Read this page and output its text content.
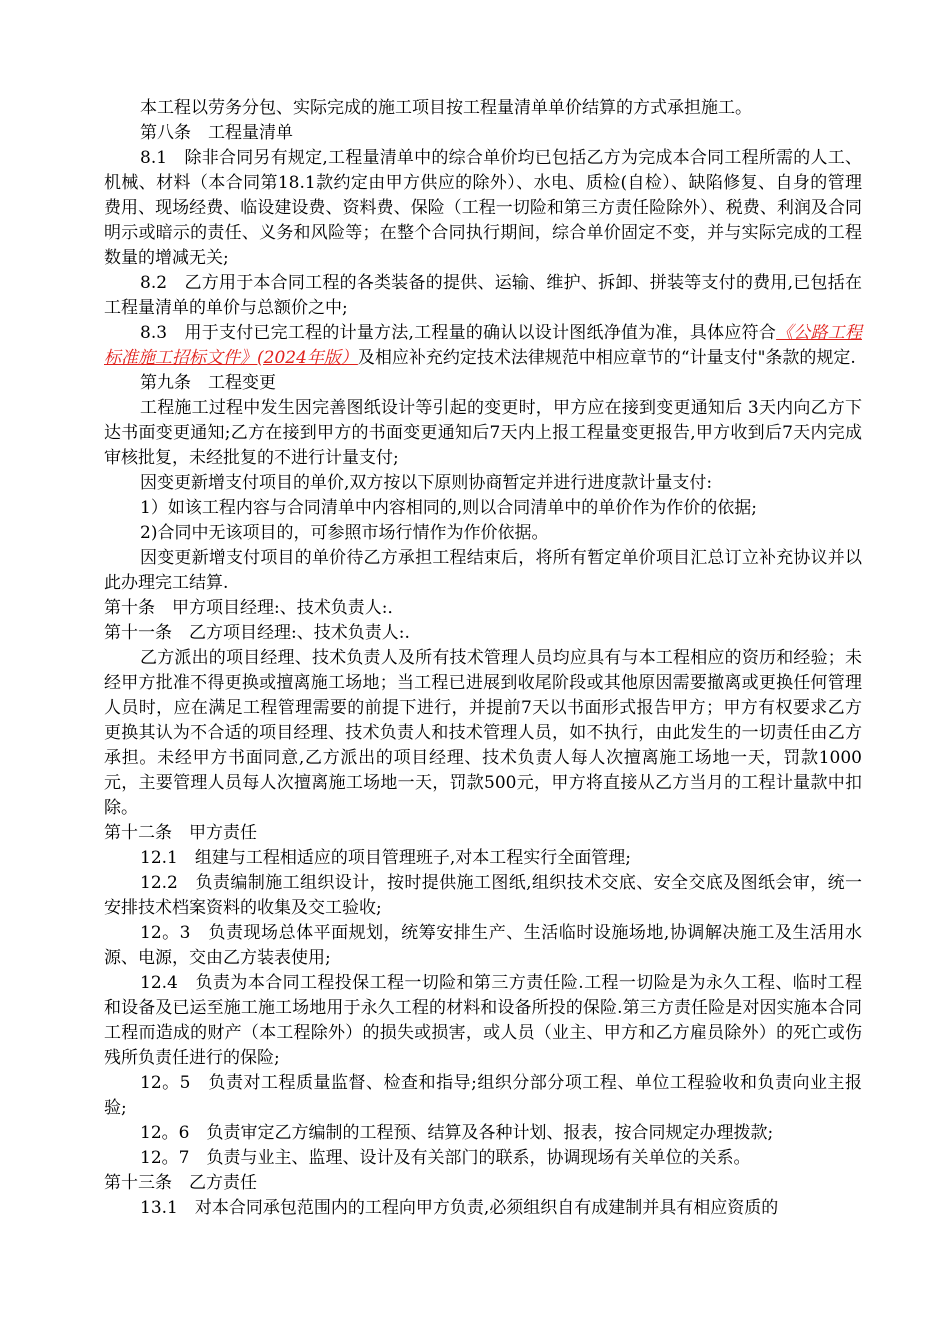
本工程以劳务分包、实际完成的施工项目按工程量清单单价结算的方式承担施工。

第八条　工程量清单

8.1　除非合同另有规定,工程量清单中的综合单价均已包括乙方为完成本合同工程所需的人工、机械、材料（本合同第18.1款约定由甲方供应的除外）、水电、质检(自检）、缺陷修复、自身的管理费用、现场经费、临设建设费、资料费、保险（工程一切险和第三方责任险除外）、税费、利润及合同明示或暗示的责任、义务和风险等；在整个合同执行期间，综合单价固定不变，并与实际完成的工程数量的增减无关;

8.2　乙方用于本合同工程的各类装备的提供、运输、维护、拆卸、拼装等支付的费用,已包括在工程量清单的单价与总额价之中;

8.3　用于支付已完工程的计量方法,工程量的确认以设计图纸净值为准，具体应符合《公路工程标准施工招标文件》(2024年版）及相应补充约定技术法律规范中相应章节的“计量支付"条款的规定.

第九条　工程变更

工程施工过程中发生因完善图纸设计等引起的变更时，甲方应在接到变更通知后 3天内向乙方下达书面变更通知;乙方在接到甲方的书面变更通知后7天内上报工程量变更报告,甲方收到后7天内完成审核批复，未经批复的不进行计量支付;

因变更新增支付项目的单价,双方按以下原则协商暂定并进行进度款计量支付:

1）如该工程内容与合同清单中内容相同的,则以合同清单中的单价作为作价的依据;

2)合同中无该项目的，可参照市场行情作为作价依据。

因变更新增支付项目的单价待乙方承担工程结束后，将所有暂定单价项目汇总订立补充协议并以此办理完工结算.

第十条　甲方项目经理:、技术负责人:．

第十一条　乙方项目经理:、技术负责人:.

乙方派出的项目经理、技术负责人及所有技术管理人员均应具有与本工程相应的资历和经验；未经甲方批准不得更换或擅离施工场地；当工程已进展到收尾阶段或其他原因需要撤离或更换任何管理人员时，应在满足工程管理需要的前提下进行，并提前7天以书面形式报告甲方；甲方有权要求乙方更换其认为不合适的项目经理、技术负责人和技术管理人员，如不执行，由此发生的一切责任由乙方承担。未经甲方书面同意,乙方派出的项目经理、技术负责人每人次擅离施工场地一天，罚款1000元，主要管理人员每人次擅离施工场地一天，罚款500元，甲方将直接从乙方当月的工程计量款中扣除。

第十二条　甲方责任

12.1　组建与工程相适应的项目管理班子,对本工程实行全面管理;

12.2　负责编制施工组织设计，按时提供施工图纸,组织技术交底、安全交底及图纸会审，统一安排技术档案资料的收集及交工验收;

12。3　负责现场总体平面规划，统筹安排生产、生活临时设施场地,协调解决施工及生活用水源、电源，交由乙方装表使用;

12.4　负责为本合同工程投保工程一切险和第三方责任险.工程一切险是为永久工程、临时工程和设备及已运至施工施工场地用于永久工程的材料和设备所投的保险.第三方责任险是对因实施本合同工程而造成的财产（本工程除外）的损失或损害，或人员（业主、甲方和乙方雇员除外）的死亡或伤残所负责任进行的保险;

12。5　负责对工程质量监督、检查和指导;组织分部分项工程、单位工程验收和负责向业主报验;

12。6　负责审定乙方编制的工程预、结算及各种计划、报表，按合同规定办理拨款;

12。7　负责与业主、监理、设计及有关部门的联系，协调现场有关单位的关系。

第十三条　乙方责任

13.1　对本合同承包范围内的工程向甲方负责,必须组织自有成建制并具有相应资质的
